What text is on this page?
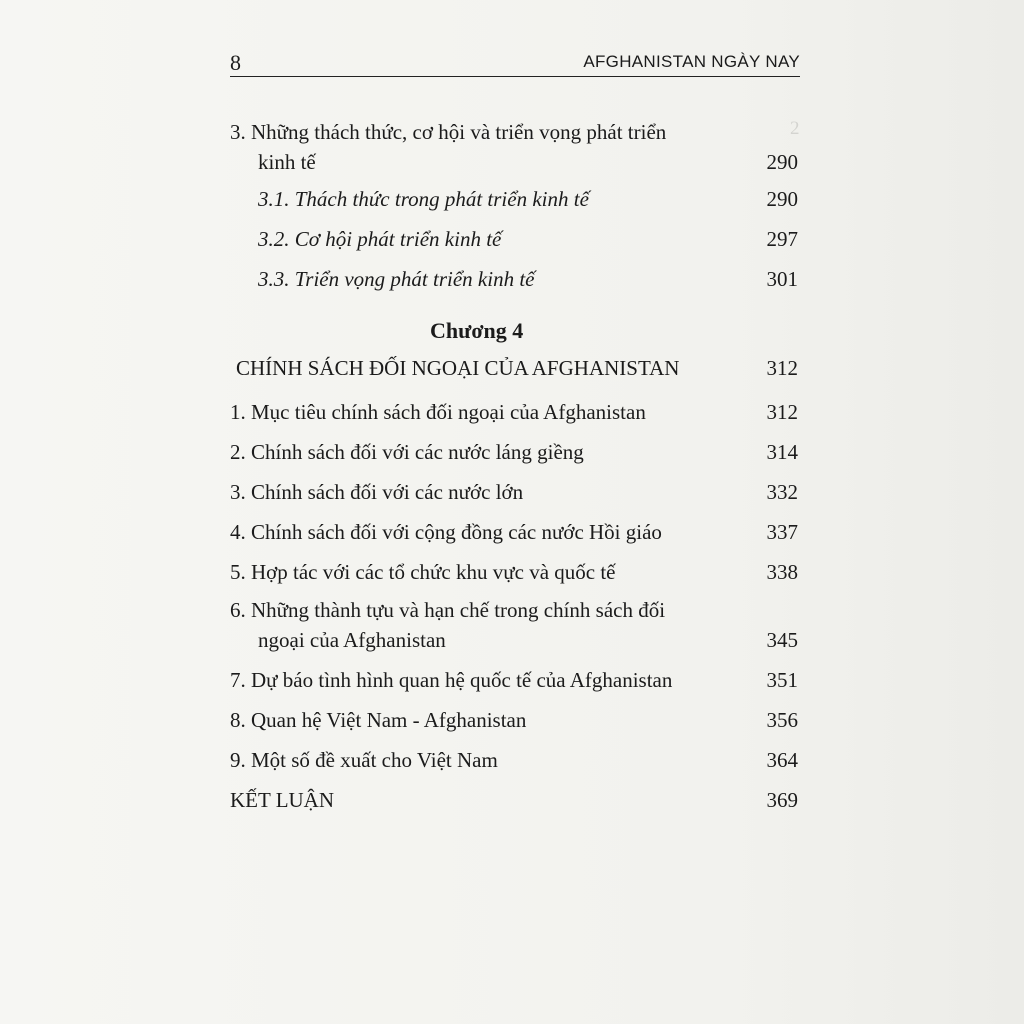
2
8	AFGHANISTAN NGÀY NAY
3. Những thách thức, cơ hội và triển vọng phát triển
kinh tế	290
3.1. Thách thức trong phát triển kinh tế	290
3.2. Cơ hội phát triển kinh tế	297
3.3. Triển vọng phát triển kinh tế	301
Chương 4
CHÍNH SÁCH ĐỐI NGOẠI CỦA AFGHANISTAN	312
1. Mục tiêu chính sách đối ngoại của Afghanistan	312
2. Chính sách đối với các nước láng giềng	314
3. Chính sách đối với các nước lớn	332
4. Chính sách đối với cộng đồng các nước Hồi giáo	337
5. Hợp tác với các tổ chức khu vực và quốc tế	338
6. Những thành tựu và hạn chế trong chính sách đối
ngoại của Afghanistan	345
7. Dự báo tình hình quan hệ quốc tế của Afghanistan	351
8. Quan hệ Việt Nam - Afghanistan	356
9. Một số đề xuất cho Việt Nam	364
KẾT LUẬN	369
